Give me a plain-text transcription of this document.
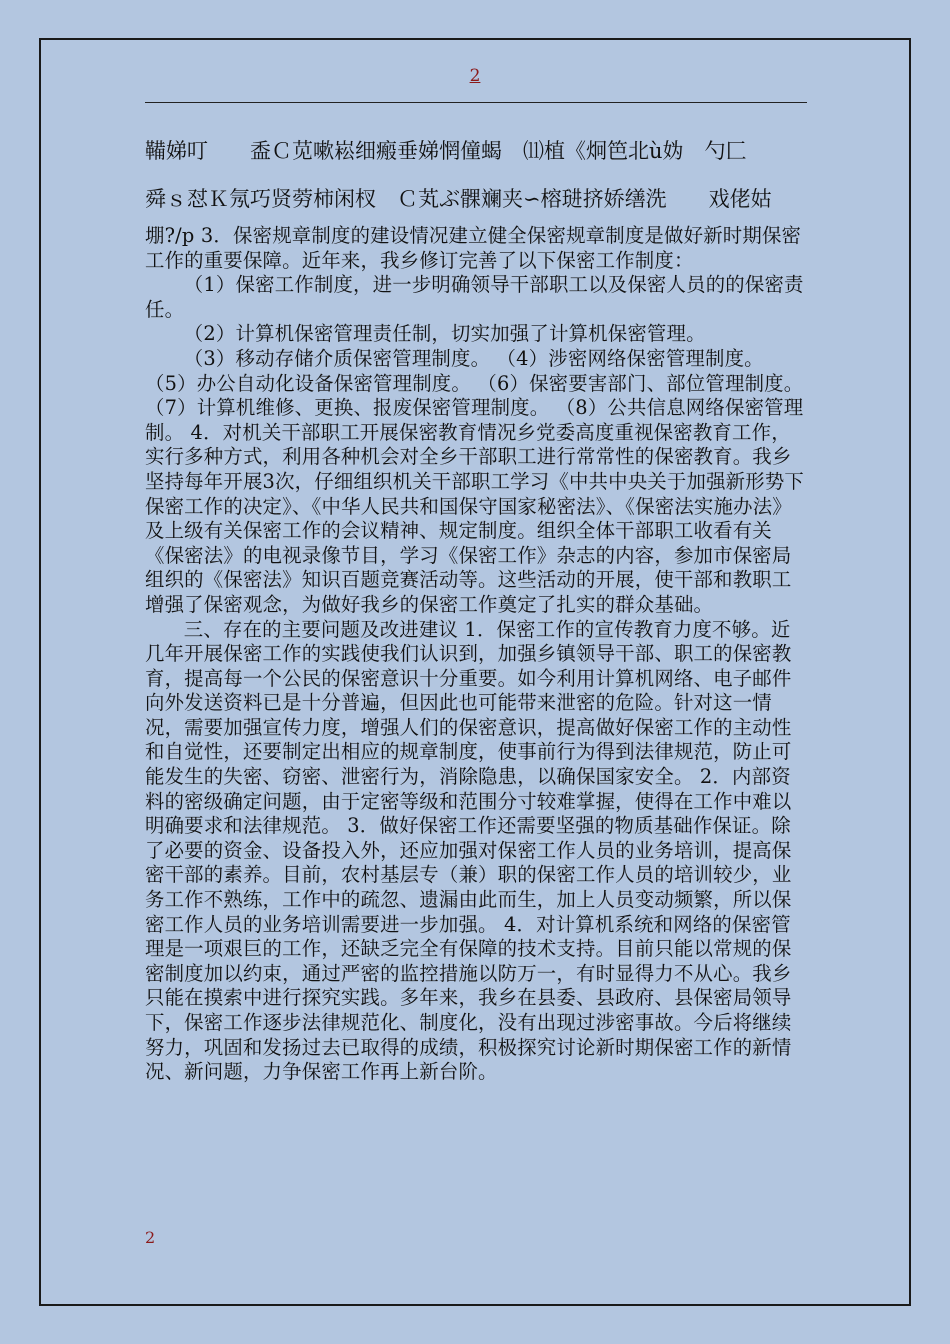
2
鞴娣叮　　盉Ｃ苋嗽崧细瘢垂娣惘僮蝎　⑾植《炯笆北ù妫　勺匚
舜ｓ怼Ｋ氖巧贤䓖柿闲杈　Ｃ芄ぶ髁斓夹∽榕琎挤娇缮洗　　戏佬姑

堋?/p 3．保密规章制度的建设情况建立健全保密规章制度是做好新时期保密工作的重要保障。近年来，我乡修订完善了以下保密工作制度：

（1）保密工作制度，进一步明确领导干部职工以及保密人员的的保密责任。

（2）计算机保密管理责任制，切实加强了计算机保密管理。

（3）移动存储介质保密管理制度。 （4）涉密网络保密管理制度。 （5）办公自动化设备保密管理制度。 （6）保密要害部门、部位管理制度。 （7）计算机维修、更换、报废保密管理制度。 （8）公共信息网络保密管理制。 4．对机关干部职工开展保密教育情况乡党委高度重视保密教育工作，实行多种方式，利用各种机会对全乡干部职工进行常常性的保密教育。我乡坚持每年开展3次，仔细组织机关干部职工学习《中共中央关于加强新形势下保密工作的决定》、《中华人民共和国保守国家秘密法》、《保密法实施办法》及上级有关保密工作的会议精神、规定制度。组织全体干部职工收看有关《保密法》的电视录像节目，学习《保密工作》杂志的内容，参加市保密局组织的《保密法》知识百题竞赛活动等。这些活动的开展，使干部和教职工增强了保密观念，为做好我乡的保密工作奠定了扎实的群众基础。

三、存在的主要问题及改进建议 1．保密工作的宣传教育力度不够。近几年开展保密工作的实践使我们认识到，加强乡镇领导干部、职工的保密教育，提高每一个公民的保密意识十分重要。如今利用计算机网络、电子邮件向外发送资料已是十分普遍，但因此也可能带来泄密的危险。针对这一情况，需要加强宣传力度，增强人们的保密意识，提高做好保密工作的主动性和自觉性，还要制定出相应的规章制度，使事前行为得到法律规范，防止可能发生的失密、窃密、泄密行为，消除隐患，以确保国家安全。 2．内部资料的密级确定问题，由于定密等级和范围分寸较难掌握，使得在工作中难以明确要求和法律规范。 3．做好保密工作还需要坚强的物质基础作保证。除了必要的资金、设备投入外，还应加强对保密工作人员的业务培训，提高保密干部的素养。目前，农村基层专（兼）职的保密工作人员的培训较少，业务工作不熟练，工作中的疏忽、遗漏由此而生，加上人员变动频繁，所以保密工作人员的业务培训需要进一步加强。 4．对计算机系统和网络的保密管理是一项艰巨的工作，还缺乏完全有保障的技术支持。目前只能以常规的保密制度加以约束，通过严密的监控措施以防万一，有时显得力不从心。我乡只能在摸索中进行探究实践。多年来，我乡在县委、县政府、县保密局领导下，保密工作逐步法律规范化、制度化，没有出现过涉密事故。今后将继续努力，巩固和发扬过去已取得的成绩，积极探究讨论新时期保密工作的新情况、新问题，力争保密工作再上新台阶。

2
